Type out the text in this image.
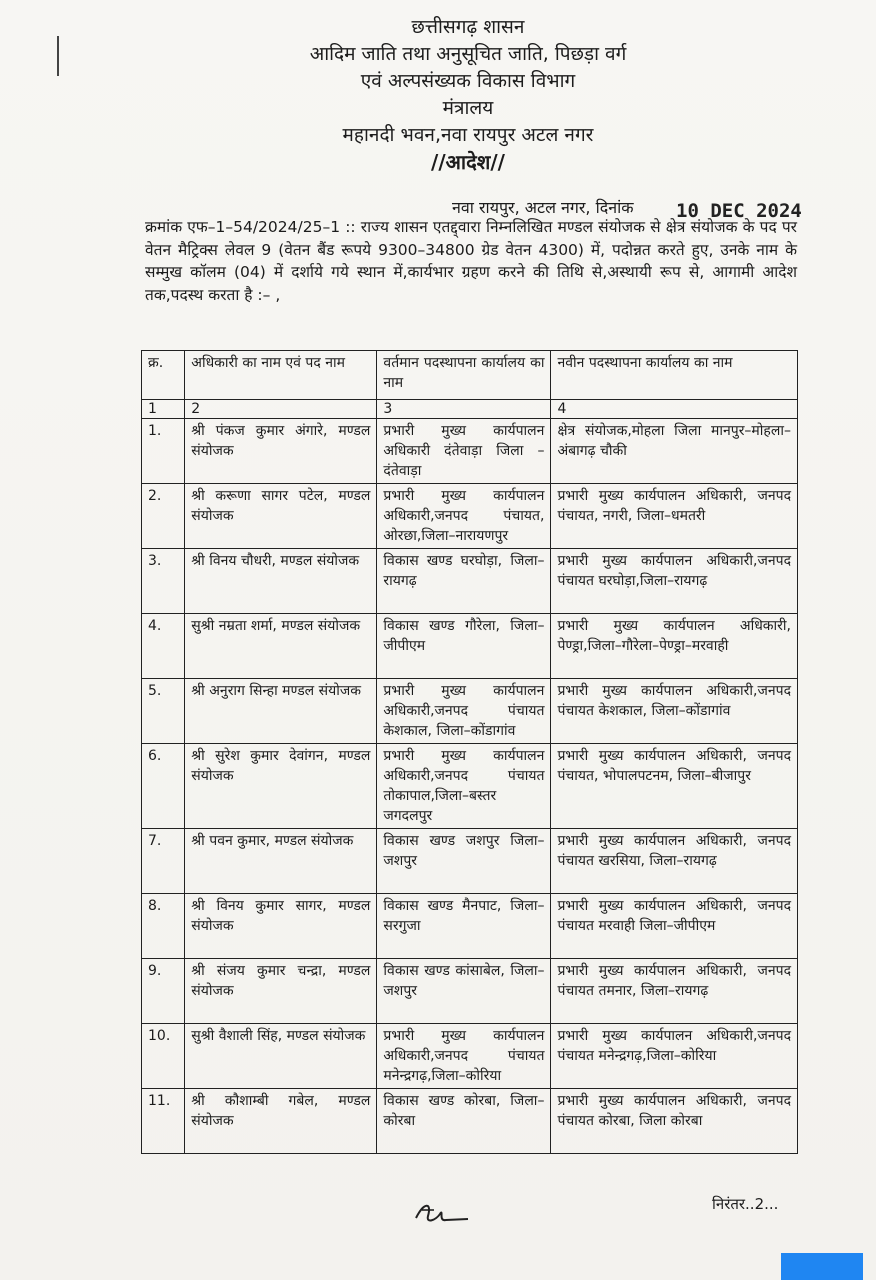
छत्तीसगढ़ शासन
आदिम जाति तथा अनुसूचित जाति, पिछड़ा वर्ग
एवं अल्पसंख्यक विकास विभाग
मंत्रालय
महानदी भवन,नवा रायपुर अटल नगर
//आदेश//
नवा रायपुर, अटल नगर, दिनांक 10 DEC 2024
क्रमांक एफ–1–54/2024/25–1 :: राज्य शासन एतद्द्वारा निम्नलिखित मण्डल संयोजक से क्षेत्र संयोजक के पद पर वेतन मैट्रिक्स लेवल 9 (वेतन बैंड रूपये 9300–34800 ग्रेड वेतन 4300) में, पदोन्नत करते हुए, उनके नाम के सम्मुख कॉलम (04) में दर्शाये गये स्थान में,कार्यभार ग्रहण करने की तिथि से,अस्थायी रूप से, आगामी आदेश तक,पदस्थ करता है :– ,
क्र.	अधिकारी का नाम एवं पद नाम	वर्तमान पदस्थापना कार्यालय का नाम	नवीन पदस्थापना कार्यालय का नाम
1	2	3	4
1.	श्री पंकज कुमार अंगारे, मण्डल संयोजक	प्रभारी मुख्य कार्यपालन अधिकारी दंतेवाड़ा जिला –दंतेवाड़ा	क्षेत्र संयोजक,मोहला जिला मानपुर–मोहला–अंबागढ़ चौकी
2.	श्री करूणा सागर पटेल, मण्डल संयोजक	प्रभारी मुख्य कार्यपालन अधिकारी,जनपद पंचायत, ओरछा,जिला–नारायणपुर	प्रभारी मुख्य कार्यपालन अधिकारी, जनपद पंचायत, नगरी, जिला–धमतरी
3.	श्री विनय चौधरी, मण्डल संयोजक	विकास खण्ड घरघोड़ा, जिला–रायगढ़	प्रभारी मुख्य कार्यपालन अधिकारी,जनपद पंचायत घरघोड़ा,जिला–रायगढ़
4.	सुश्री नम्रता शर्मा, मण्डल संयोजक	विकास खण्ड गौरेला, जिला–जीपीएम	प्रभारी मुख्य कार्यपालन अधिकारी, पेण्ड्रा,जिला–गौरेला–पेण्ड्रा–मरवाही
5.	श्री अनुराग सिन्हा मण्डल संयोजक	प्रभारी मुख्य कार्यपालन अधिकारी,जनपद पंचायत केशकाल, जिला–कोंडागांव	प्रभारी मुख्य कार्यपालन अधिकारी,जनपद पंचायत केशकाल, जिला–कोंडागांव
6.	श्री सुरेश कुमार देवांगन, मण्डल संयोजक	प्रभारी मुख्य कार्यपालन अधिकारी,जनपद पंचायत तोकापाल,जिला–बस्तर जगदलपुर	प्रभारी मुख्य कार्यपालन अधिकारी, जनपद पंचायत, भोपालपटनम, जिला–बीजापुर
7.	श्री पवन कुमार, मण्डल संयोजक	विकास खण्ड जशपुर जिला–जशपुर	प्रभारी मुख्य कार्यपालन अधिकारी, जनपद पंचायत खरसिया, जिला–रायगढ़
8.	श्री विनय कुमार सागर, मण्डल संयोजक	विकास खण्ड मैनपाट, जिला– सरगुजा	प्रभारी मुख्य कार्यपालन अधिकारी, जनपद पंचायत मरवाही जिला–जीपीएम
9.	श्री संजय कुमार चन्द्रा, मण्डल संयोजक	विकास खण्ड कांसाबेल, जिला– जशपुर	प्रभारी मुख्य कार्यपालन अधिकारी, जनपद पंचायत तमनार, जिला–रायगढ़
10.	सुश्री वैशाली सिंह, मण्डल संयोजक	प्रभारी मुख्य कार्यपालन अधिकारी,जनपद पंचायत मनेन्द्रगढ़,जिला–कोरिया	प्रभारी मुख्य कार्यपालन अधिकारी,जनपद पंचायत मनेन्द्रगढ़,जिला–कोरिया
11.	श्री कौशाम्बी गबेल, मण्डल संयोजक	विकास खण्ड कोरबा, जिला–कोरबा	प्रभारी मुख्य कार्यपालन अधिकारी, जनपद पंचायत कोरबा, जिला कोरबा
निरंतर..2...
